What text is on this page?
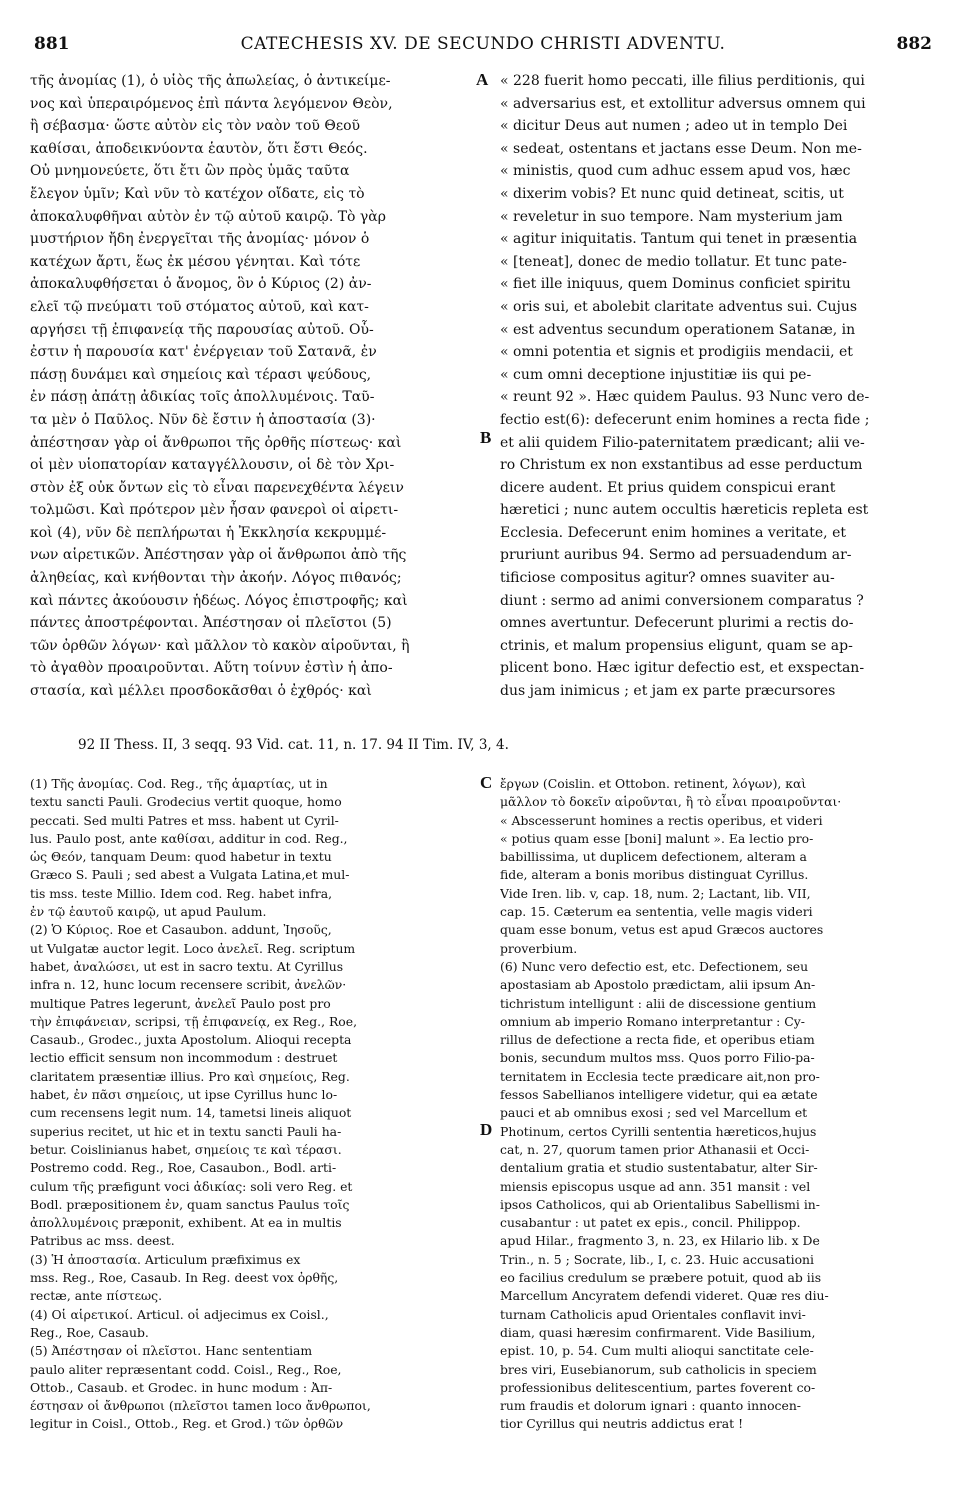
881	CATECHESIS XV. DE SECUNDO CHRISTI ADVENTU.	882
A
B
C
D
τῆς ἀνομίας (1), ὁ υἱὸς τῆς ἀπωλείας, ὁ ἀντικείμε-
νος καὶ ὑπεραιρόμενος ἐπὶ πάντα λεγόμενον Θεὸν,
ἢ σέβασμα· ὥστε αὐτὸν εἰς τὸν ναὸν τοῦ Θεοῦ
καθίσαι, ἀποδεικνύοντα ἑαυτὸν, ὅτι ἔστι Θεός.
Οὐ μνημονεύετε, ὅτι ἔτι ὢν πρὸς ὑμᾶς ταῦτα
ἔλεγον ὑμῖν; Καὶ νῦν τὸ κατέχον οἴδατε, εἰς τὸ
ἀποκαλυφθῆναι αὐτὸν ἐν τῷ αὐτοῦ καιρῷ. Τὸ γὰρ
μυστήριον ἤδη ἐνεργεῖται τῆς ἀνομίας· μόνον ὁ
κατέχων ἄρτι, ἕως ἐκ μέσου γένηται. Καὶ τότε
ἀποκαλυφθήσεται ὁ ἄνομος, ὃν ὁ Κύριος (2) ἀν-
ελεῖ τῷ πνεύματι τοῦ στόματος αὐτοῦ, καὶ κατ-
αργήσει τῇ ἐπιφανείᾳ τῆς παρουσίας αὐτοῦ. Οὗ-
ἐστιν ἡ παρουσία κατ' ἐνέργειαν τοῦ Σατανᾶ, ἐν
πάσῃ δυνάμει καὶ σημείοις καὶ τέρασι ψεύδους,
ἐν πάσῃ ἀπάτῃ ἀδικίας τοῖς ἀπολλυμένοις. Ταῦ-
τα μὲν ὁ Παῦλος. Νῦν δὲ ἔστιν ἡ ἀποστασία (3)·
ἀπέστησαν γὰρ οἱ ἄνθρωποι τῆς ὀρθῆς πίστεως· καὶ
οἱ μὲν υἱοπατορίαν καταγγέλλουσιν, οἱ δὲ τὸν Χρι-
στὸν ἐξ οὐκ ὄντων εἰς τὸ εἶναι παρενεχθέντα λέγειν
τολμῶσι. Καὶ πρότερον μὲν ἦσαν φανεροὶ οἱ αἱρετι-
κοὶ (4), νῦν δὲ πεπλήρωται ἡ Ἐκκλησία κεκρυμμέ-
νων αἱρετικῶν. Ἀπέστησαν γὰρ οἱ ἄνθρωποι ἀπὸ τῆς
ἀληθείας, καὶ κνήθονται τὴν ἀκοήν. Λόγος πιθανός;
καὶ πάντες ἀκούουσιν ἡδέως. Λόγος ἐπιστροφῆς; καὶ
πάντες ἀποστρέφονται. Ἀπέστησαν οἱ πλεῖστοι (5)
τῶν ὀρθῶν λόγων· καὶ μᾶλλον τὸ κακὸν αἱροῦνται, ἢ
τὸ ἀγαθὸν προαιροῦνται. Αὕτη τοίνυν ἐστὶν ἡ ἀπο-
στασία, καὶ μέλλει προσδοκᾶσθαι ὁ ἐχθρός· καὶ
« 228 fuerit homo peccati, ille filius perditionis, qui
« adversarius est, et extollitur adversus omnem qui
« dicitur Deus aut numen ; adeo ut in templo Dei
« sedeat, ostentans et jactans esse Deum. Non me-
« ministis, quod cum adhuc essem apud vos, hæc
« dixerim vobis? Et nunc quid detineat, scitis, ut
« reveletur in suo tempore. Nam mysterium jam
« agitur iniquitatis. Tantum qui tenet in præsentia
« [teneat], donec de medio tollatur. Et tunc pate-
« fiet ille iniquus, quem Dominus conficiet spiritu
« oris sui, et abolebit claritate adventus sui. Cujus
« est adventus secundum operationem Satanæ, in
« omni potentia et signis et prodigiis mendacii, et
« cum omni deceptione injustitiæ iis qui pe-
« reunt 92 ». Hæc quidem Paulus. 93 Nunc vero de-
fectio est(6): defecerunt enim homines a recta fide ;
et alii quidem Filio-paternitatem prædicant; alii ve-
ro Christum ex non exstantibus ad esse perductum
dicere audent. Et prius quidem conspicui erant
hæretici ; nunc autem occultis hæreticis repleta est
Ecclesia. Defecerunt enim homines a veritate, et
pruriunt auribus 94. Sermo ad persuadendum ar-
tificiose compositus agitur? omnes suaviter au-
diunt : sermo ad animi conversionem comparatus ?
omnes avertuntur. Defecerunt plurimi a rectis do-
ctrinis, et malum propensius eligunt, quam se ap-
plicent bono. Hæc igitur defectio est, et exspectan-
dus jam inimicus ; et jam ex parte præcursores
92 II Thess. II, 3 seqq. 93 Vid. cat. 11, n. 17. 94 II Tim. IV, 3, 4.
(1) Τῆς ἀνομίας. Cod. Reg., τῆς ἁμαρτίας, ut in
textu sancti Pauli. Grodecius vertit quoque, homo
peccati. Sed multi Patres et mss. habent ut Cyril-
lus. Paulo post, ante καθίσαι, additur in cod. Reg.,
ὡς Θεόν, tanquam Deum: quod habetur in textu
Græco S. Pauli ; sed abest a Vulgata Latina,et mul-
tis mss. teste Millio. Idem cod. Reg. habet infra,
ἐν τῷ ἑαυτοῦ καιρῷ, ut apud Paulum.
(2) Ὁ Κύριος. Roe et Casaubon. addunt, Ἰησοῦς,
ut Vulgatæ auctor legit. Loco ἀνελεῖ. Reg. scriptum
habet, ἀναλώσει, ut est in sacro textu. At Cyrillus
infra n. 12, hunc locum recensere scribit, ἀνελῶν·
multique Patres legerunt, ἀνελεῖ Paulo post pro
τὴν ἐπιφάνειαν, scripsi, τῇ ἐπιφανείᾳ, ex Reg., Roe,
Casaub., Grodec., juxta Apostolum. Alioqui recepta
lectio efficit sensum non incommodum : destruet
claritatem præsentiæ illius. Pro καὶ σημείοις, Reg.
habet, ἐν πᾶσι σημείοις, ut ipse Cyrillus hunc lo-
cum recensens legit num. 14, tametsi lineis aliquot
superius recitet, ut hic et in textu sancti Pauli ha-
betur. Coislinianus habet, σημείοις τε καὶ τέρασι.
Postremo codd. Reg., Roe, Casaubon., Bodl. arti-
culum τῆς præfigunt voci ἀδικίας: soli vero Reg. et
Bodl. præpositionem ἐν, quam sanctus Paulus τοῖς
ἀπολλυμένοις præponit, exhibent. At ea in multis
Patribus ac mss. deest.
(3) Ἡ ἀποστασία. Articulum præfiximus ex
mss. Reg., Roe, Casaub. In Reg. deest vox ὀρθῆς,
rectæ, ante πίστεως.
(4) Οἱ αἱρετικοί. Articul. οἱ adjecimus ex Coisl.,
Reg., Roe, Casaub.
(5) Ἀπέστησαν οἱ πλεῖστοι. Hanc sententiam
paulo aliter repræsentant codd. Coisl., Reg., Roe,
Ottob., Casaub. et Grodec. in hunc modum : Ἀπ-
έστησαν οἱ ἄνθρωποι (πλεῖστοι tamen loco ἄνθρωποι,
legitur in Coisl., Ottob., Reg. et Grod.) τῶν ὀρθῶν
ἔργων (Coislin. et Ottobon. retinent, λόγων), καὶ
μᾶλλον τὸ δοκεῖν αἱροῦνται, ἢ τὸ εἶναι προαιροῦνται·
« Abscesserunt homines a rectis operibus, et videri
« potius quam esse [boni] malunt ». Ea lectio pro-
babillissima, ut duplicem defectionem, alteram a
fide, alteram a bonis moribus distinguat Cyrillus.
Vide Iren. lib. v, cap. 18, num. 2; Lactant, lib. VII,
cap. 15. Cæterum ea sententia, velle magis videri
quam esse bonum, vetus est apud Græcos auctores
proverbium.
(6) Nunc vero defectio est, etc. Defectionem, seu
apostasiam ab Apostolo prædictam, alii ipsum An-
tichristum intelligunt : alii de discessione gentium
omnium ab imperio Romano interpretantur : Cy-
rillus de defectione a recta fide, et operibus etiam
bonis, secundum multos mss. Quos porro Filio-pa-
ternitatem in Ecclesia tecte prædicare ait,non pro-
fessos Sabellianos intelligere videtur, qui ea ætate
pauci et ab omnibus exosi ; sed vel Marcellum et
Photinum, certos Cyrilli sententia hæreticos,hujus
cat, n. 27, quorum tamen prior Athanasii et Occi-
dentalium gratia et studio sustentabatur, alter Sir-
miensis episcopus usque ad ann. 351 mansit : vel
ipsos Catholicos, qui ab Orientalibus Sabellismi in-
cusabantur : ut patet ex epis., concil. Philippop.
apud Hilar., fragmento 3, n. 23, ex Hilario lib. x De
Trin., n. 5 ; Socrate, lib., I, c. 23. Huic accusationi
eo facilius credulum se præbere potuit, quod ab iis
Marcellum Ancyratem defendi videret. Quæ res diu-
turnam Catholicis apud Orientales conflavit invi-
diam, quasi hæresim confirmarent. Vide Basilium,
epist. 10, p. 54. Cum multi alioqui sanctitate cele-
bres viri, Eusebianorum, sub catholicis in speciem
professionibus delitescentium, partes foverent co-
rum fraudis et dolorum ignari : quanto innocen-
tior Cyrillus qui neutris addictus erat !
